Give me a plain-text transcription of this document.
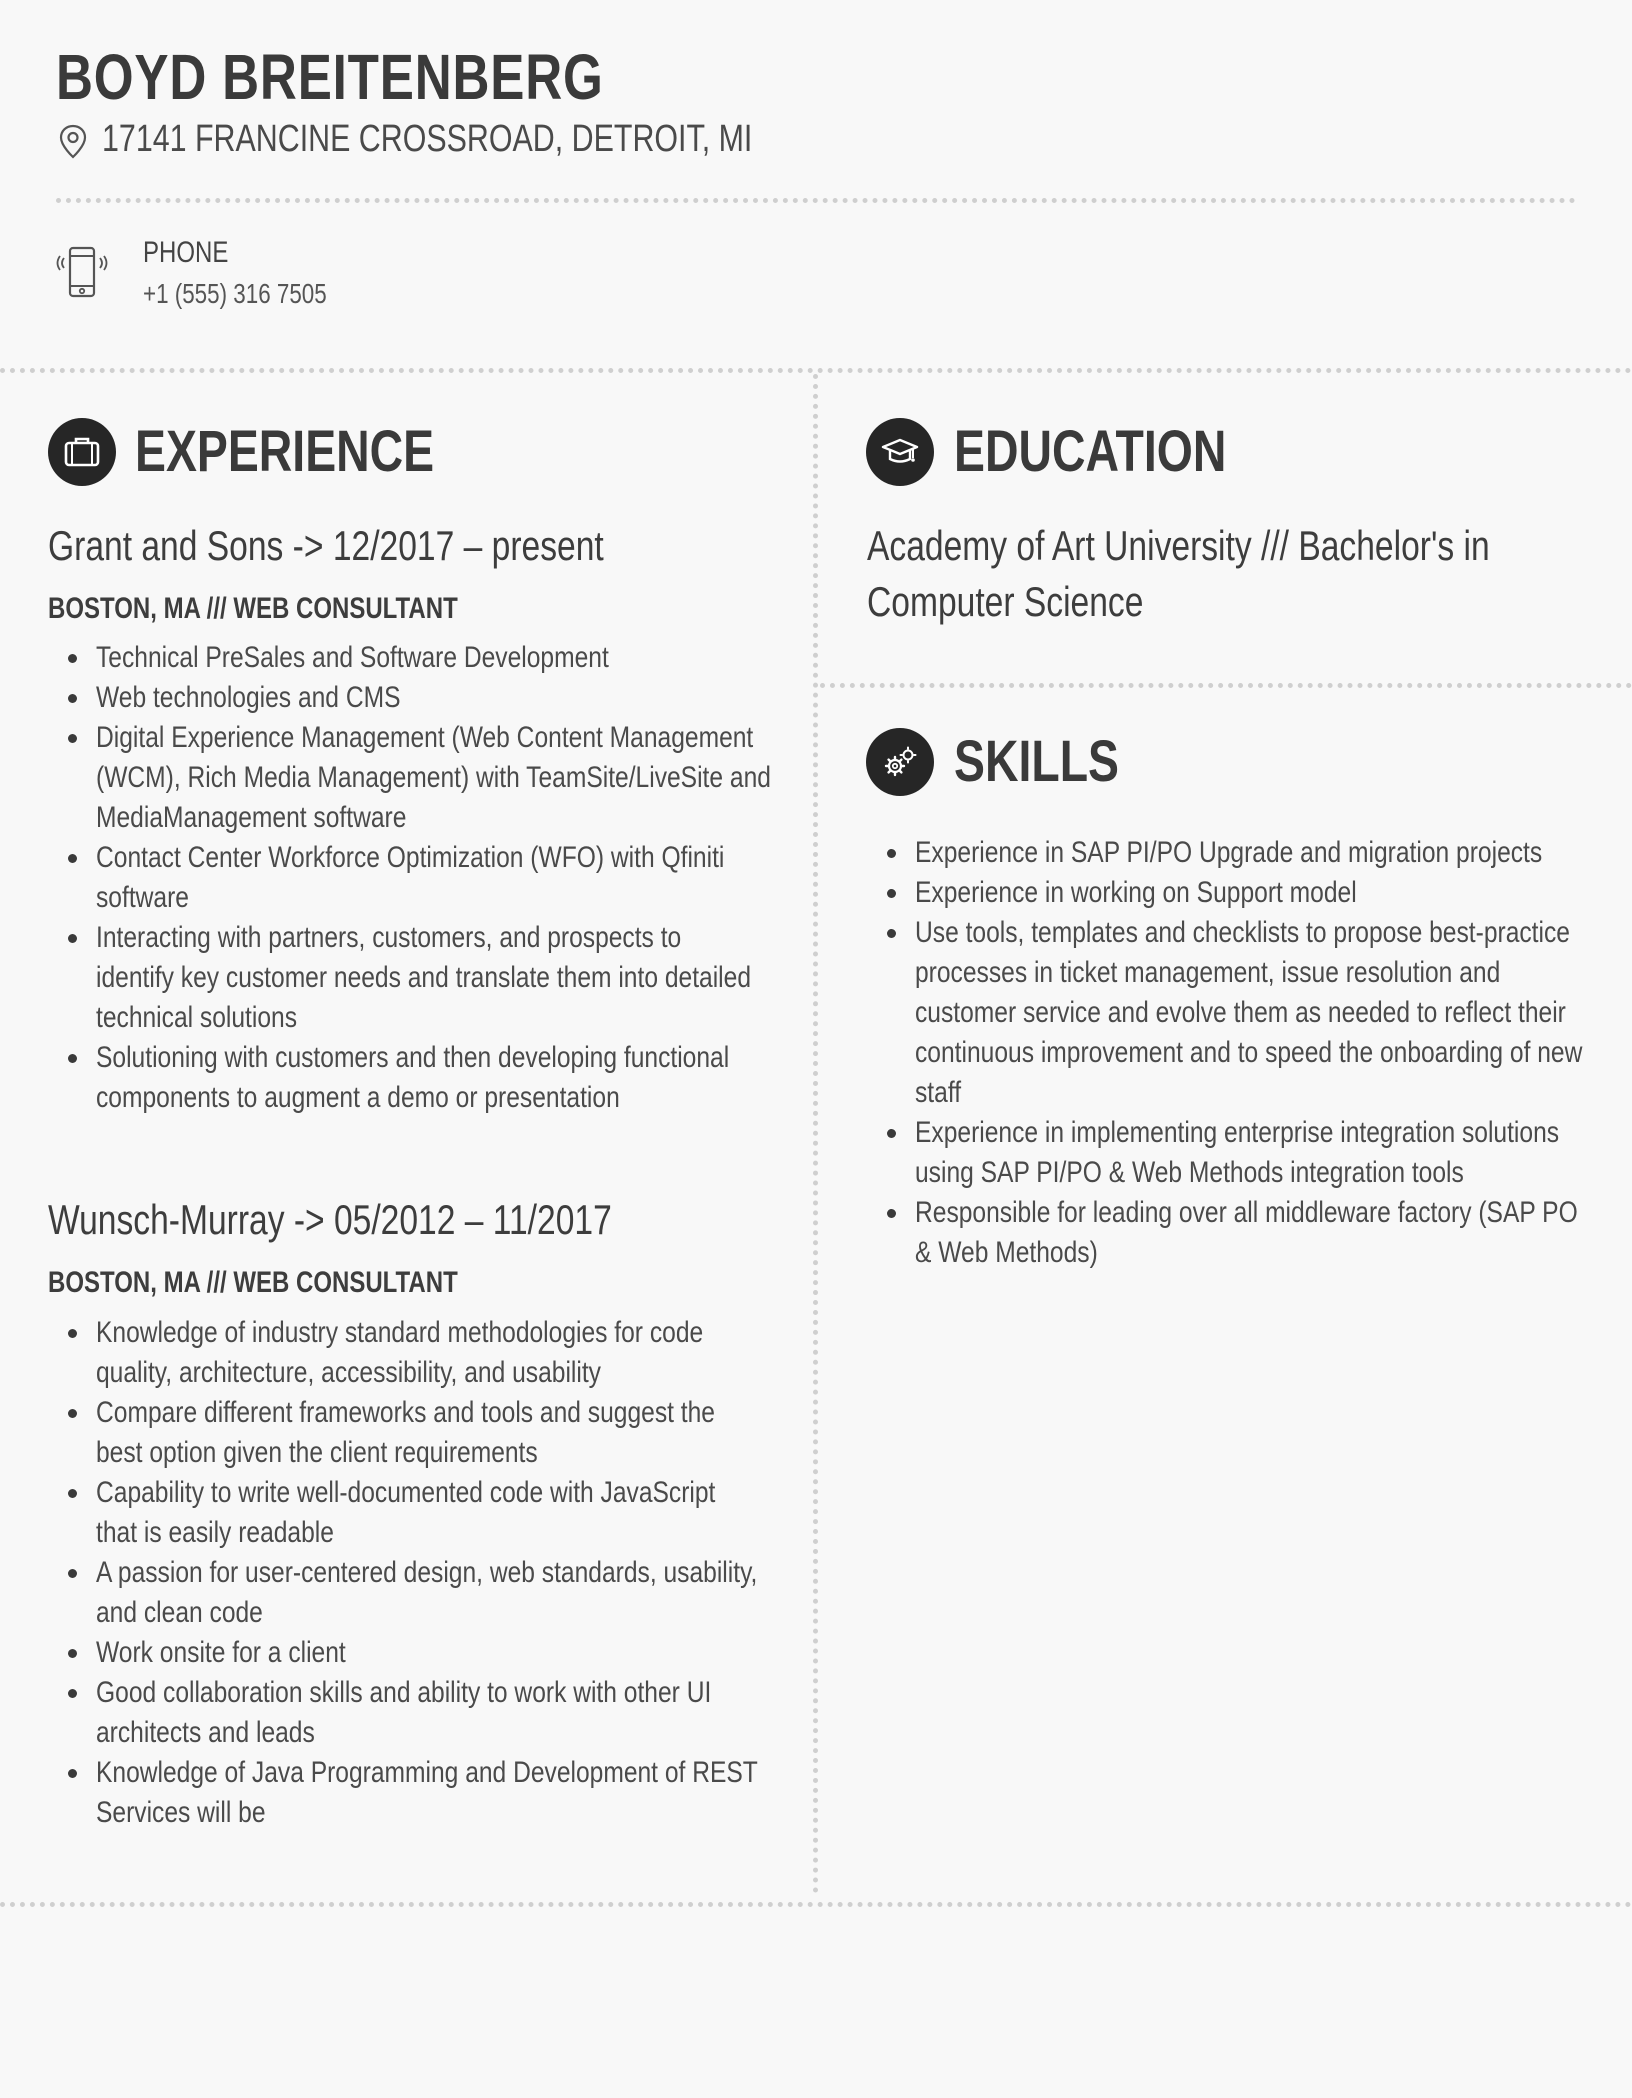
BOYD BREITENBERG
17141 FRANCINE CROSSROAD, DETROIT, MI
PHONE
+1 (555) 316 7505
EXPERIENCE
Grant and Sons -> 12/2017 – present
BOSTON, MA /// WEB CONSULTANT
Technical PreSales and Software Development
Web technologies and CMS
Digital Experience Management (Web Content Management
(WCM), Rich Media Management) with TeamSite/LiveSite and
MediaManagement software
Contact Center Workforce Optimization (WFO) with Qfiniti
software
Interacting with partners, customers, and prospects to
identify key customer needs and translate them into detailed
technical solutions
Solutioning with customers and then developing functional
components to augment a demo or presentation
Wunsch-Murray -> 05/2012 – 11/2017
BOSTON, MA /// WEB CONSULTANT
Knowledge of industry standard methodologies for code
quality, architecture, accessibility, and usability
Compare different frameworks and tools and suggest the
best option given the client requirements
Capability to write well-documented code with JavaScript
that is easily readable
A passion for user-centered design, web standards, usability,
and clean code
Work onsite for a client
Good collaboration skills and ability to work with other UI
architects and leads
Knowledge of Java Programming and Development of REST
Services will be
EDUCATION
Academy of Art University /// Bachelor's in
Computer Science
SKILLS
Experience in SAP PI/PO Upgrade and migration projects
Experience in working on Support model
Use tools, templates and checklists to propose best-practice
processes in ticket management, issue resolution and
customer service and evolve them as needed to reflect their
continuous improvement and to speed the onboarding of new
staff
Experience in implementing enterprise integration solutions
using SAP PI/PO & Web Methods integration tools
Responsible for leading over all middleware factory (SAP PO
& Web Methods)
